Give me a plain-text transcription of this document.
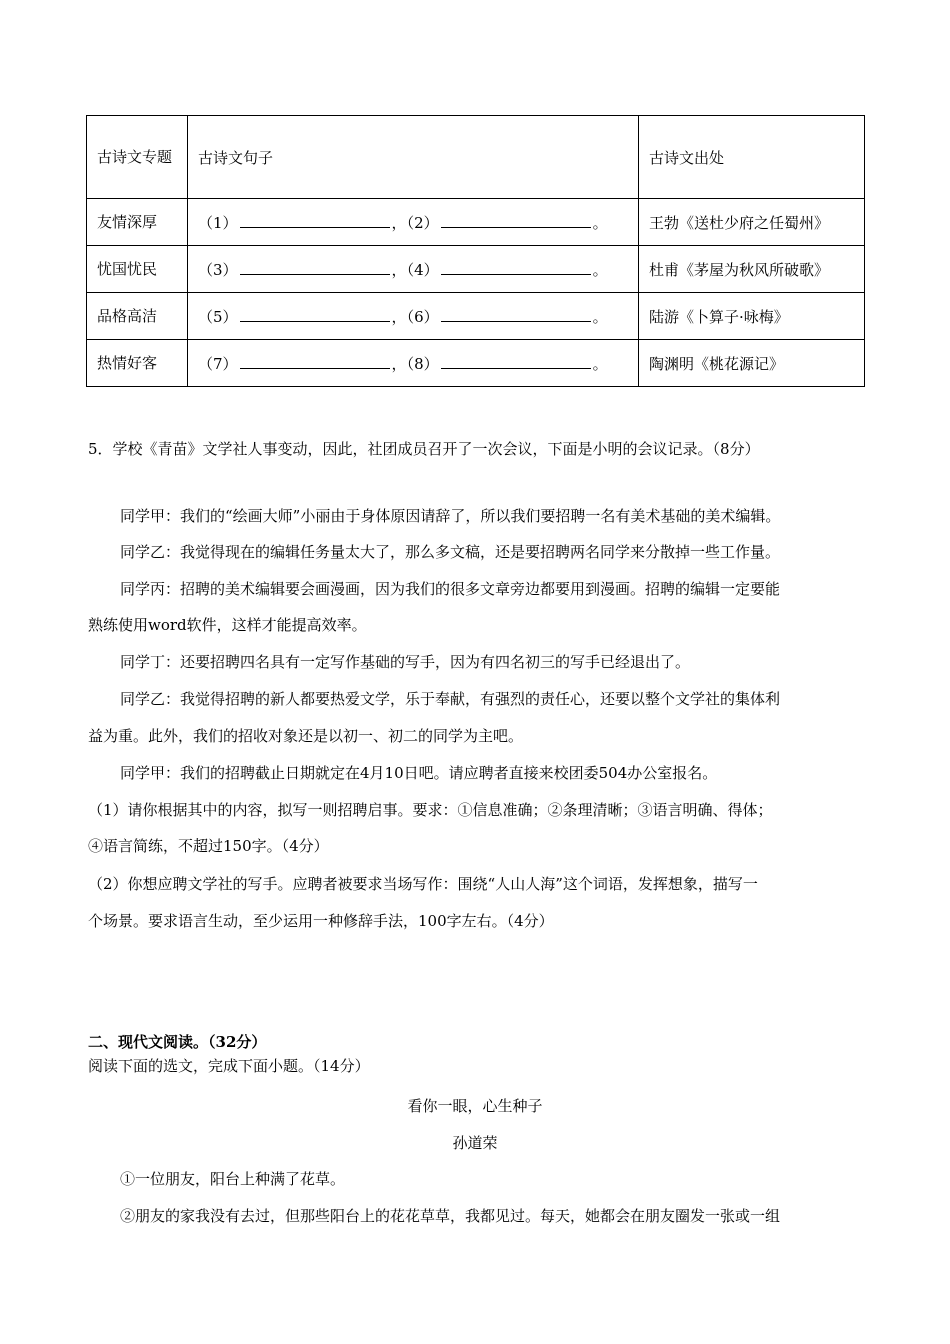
古诗文专题	古诗文句子	古诗文出处
友情深厚	（1） ，（2） 。	王勃《送杜少府之任蜀州》
忧国忧民	（3） ，（4） 。	杜甫《茅屋为秋风所破歌》
品格高洁	（5） ，（6） 。	陆游《卜算子·咏梅》
热情好客	（7） ，（8） 。	陶渊明《桃花源记》
5．学校《青苗》文学社人事变动，因此，社团成员召开了一次会议，下面是小明的会议记录。（8分）
同学甲：我们的“绘画大师”小丽由于身体原因请辞了，所以我们要招聘一名有美术基础的美术编辑。
同学乙：我觉得现在的编辑任务量太大了，那么多文稿，还是要招聘两名同学来分散掉一些工作量。
同学丙：招聘的美术编辑要会画漫画，因为我们的很多文章旁边都要用到漫画。招聘的编辑一定要能
熟练使用word软件，这样才能提高效率。
同学丁：还要招聘四名具有一定写作基础的写手，因为有四名初三的写手已经退出了。
同学乙：我觉得招聘的新人都要热爱文学，乐于奉献，有强烈的责任心，还要以整个文学社的集体利
益为重。此外，我们的招收对象还是以初一、初二的同学为主吧。
同学甲：我们的招聘截止日期就定在4月10日吧。请应聘者直接来校团委504办公室报名。
（1）请你根据其中的内容，拟写一则招聘启事。要求：①信息准确；②条理清晰；③语言明确、得体；
④语言简练，不超过150字。（4分）
（2）你想应聘文学社的写手。应聘者被要求当场写作：围绕“人山人海”这个词语，发挥想象，描写一
个场景。要求语言生动，至少运用一种修辞手法，100字左右。（4分）
二、现代文阅读。（32分）
阅读下面的选文，完成下面小题。（14分）
看你一眼，心生种子
孙道荣
①一位朋友，阳台上种满了花草。
②朋友的家我没有去过，但那些阳台上的花花草草，我都见过。每天，她都会在朋友圈发一张或一组
